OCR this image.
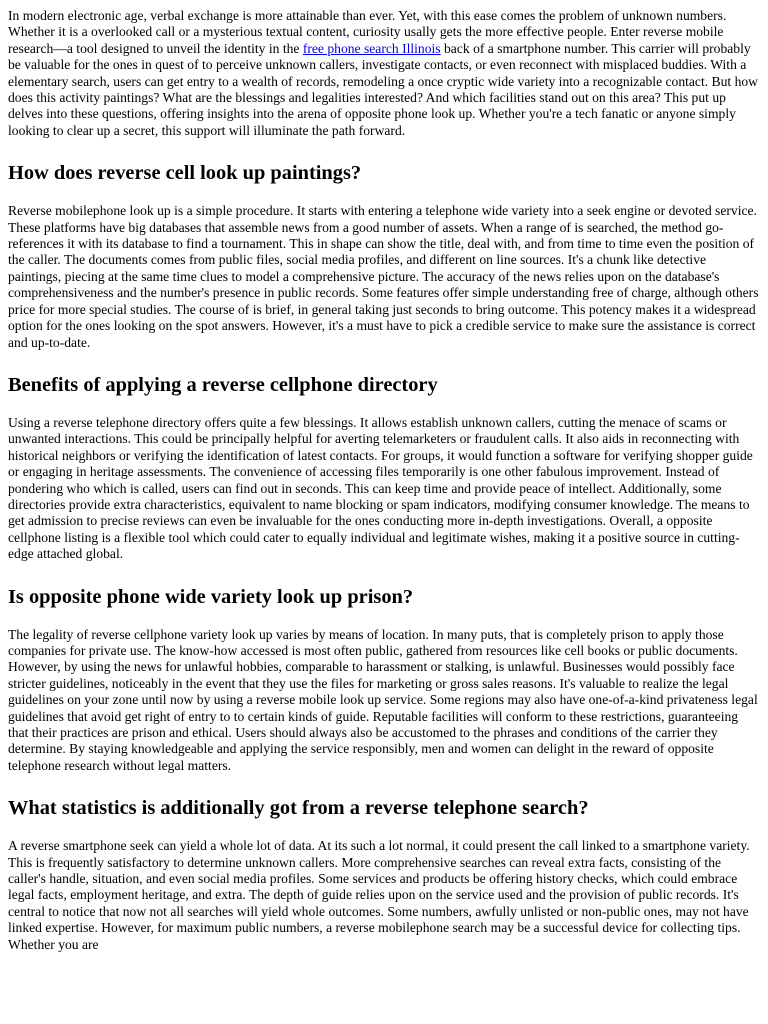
In modern electronic age, verbal exchange is more attainable than ever. Yet, with this ease comes the problem of unknown numbers. Whether it is a overlooked call or a mysterious textual content, curiosity usally gets the more effective people. Enter reverse mobile research—a tool designed to unveil the identity in the free phone search Illinois back of a smartphone number. This carrier will probably be valuable for the ones in quest of to perceive unknown callers, investigate contacts, or even reconnect with misplaced buddies. With a elementary search, users can get entry to a wealth of records, remodeling a once cryptic wide variety into a recognizable contact. But how does this activity paintings? What are the blessings and legalities interested? And which facilities stand out on this area? This put up delves into these questions, offering insights into the arena of opposite phone look up. Whether you're a tech fanatic or anyone simply looking to clear up a secret, this support will illuminate the path forward.

How does reverse cell look up paintings?

Reverse mobilephone look up is a simple procedure. It starts with entering a telephone wide variety into a seek engine or devoted service. These platforms have big databases that assemble news from a good number of assets. When a range of is searched, the method go-references it with its database to find a tournament. This in shape can show the title, deal with, and from time to time even the position of the caller. The documents comes from public files, social media profiles, and different on line sources. It's a chunk like detective paintings, piecing at the same time clues to model a comprehensive picture. The accuracy of the news relies upon on the database's comprehensiveness and the number's presence in public records. Some features offer simple understanding free of charge, although others price for more special studies. The course of is brief, in general taking just seconds to bring outcome. This potency makes it a widespread option for the ones looking on the spot answers. However, it's a must have to pick a credible service to make sure the assistance is correct and up-to-date.

Benefits of applying a reverse cellphone directory

Using a reverse telephone directory offers quite a few blessings. It allows establish unknown callers, cutting the menace of scams or unwanted interactions. This could be principally helpful for averting telemarketers or fraudulent calls. It also aids in reconnecting with historical neighbors or verifying the identification of latest contacts. For groups, it would function a software for verifying shopper guide or engaging in heritage assessments. The convenience of accessing files temporarily is one other fabulous improvement. Instead of pondering who which is called, users can find out in seconds. This can keep time and provide peace of intellect. Additionally, some directories provide extra characteristics, equivalent to name blocking or spam indicators, modifying consumer knowledge. The means to get admission to precise reviews can even be invaluable for the ones conducting more in-depth investigations. Overall, a opposite cellphone listing is a flexible tool which could cater to equally individual and legitimate wishes, making it a positive source in cutting-edge attached global.

Is opposite phone wide variety look up prison?

The legality of reverse cellphone variety look up varies by means of location. In many puts, that is completely prison to apply those companies for private use. The know-how accessed is most often public, gathered from resources like cell books or public documents. However, by using the news for unlawful hobbies, comparable to harassment or stalking, is unlawful. Businesses would possibly face stricter guidelines, noticeably in the event that they use the files for marketing or gross sales reasons. It's valuable to realize the legal guidelines on your zone until now by using a reverse mobile look up service. Some regions may also have one-of-a-kind privateness legal guidelines that avoid get right of entry to to certain kinds of guide. Reputable facilities will conform to these restrictions, guaranteeing that their practices are prison and ethical. Users should always also be accustomed to the phrases and conditions of the carrier they determine. By staying knowledgeable and applying the service responsibly, men and women can delight in the reward of opposite telephone research without legal matters.

What statistics is additionally got from a reverse telephone search?

A reverse smartphone seek can yield a whole lot of data. At its such a lot normal, it could present the call linked to a smartphone variety. This is frequently satisfactory to determine unknown callers. More comprehensive searches can reveal extra facts, consisting of the caller's handle, situation, and even social media profiles. Some services and products be offering history checks, which could embrace legal facts, employment heritage, and extra. The depth of guide relies upon on the service used and the provision of public records. It's central to notice that now not all searches will yield whole outcomes. Some numbers, awfully unlisted or non-public ones, may not have linked expertise. However, for maximum public numbers, a reverse mobilephone search may be a successful device for collecting tips. Whether you are
